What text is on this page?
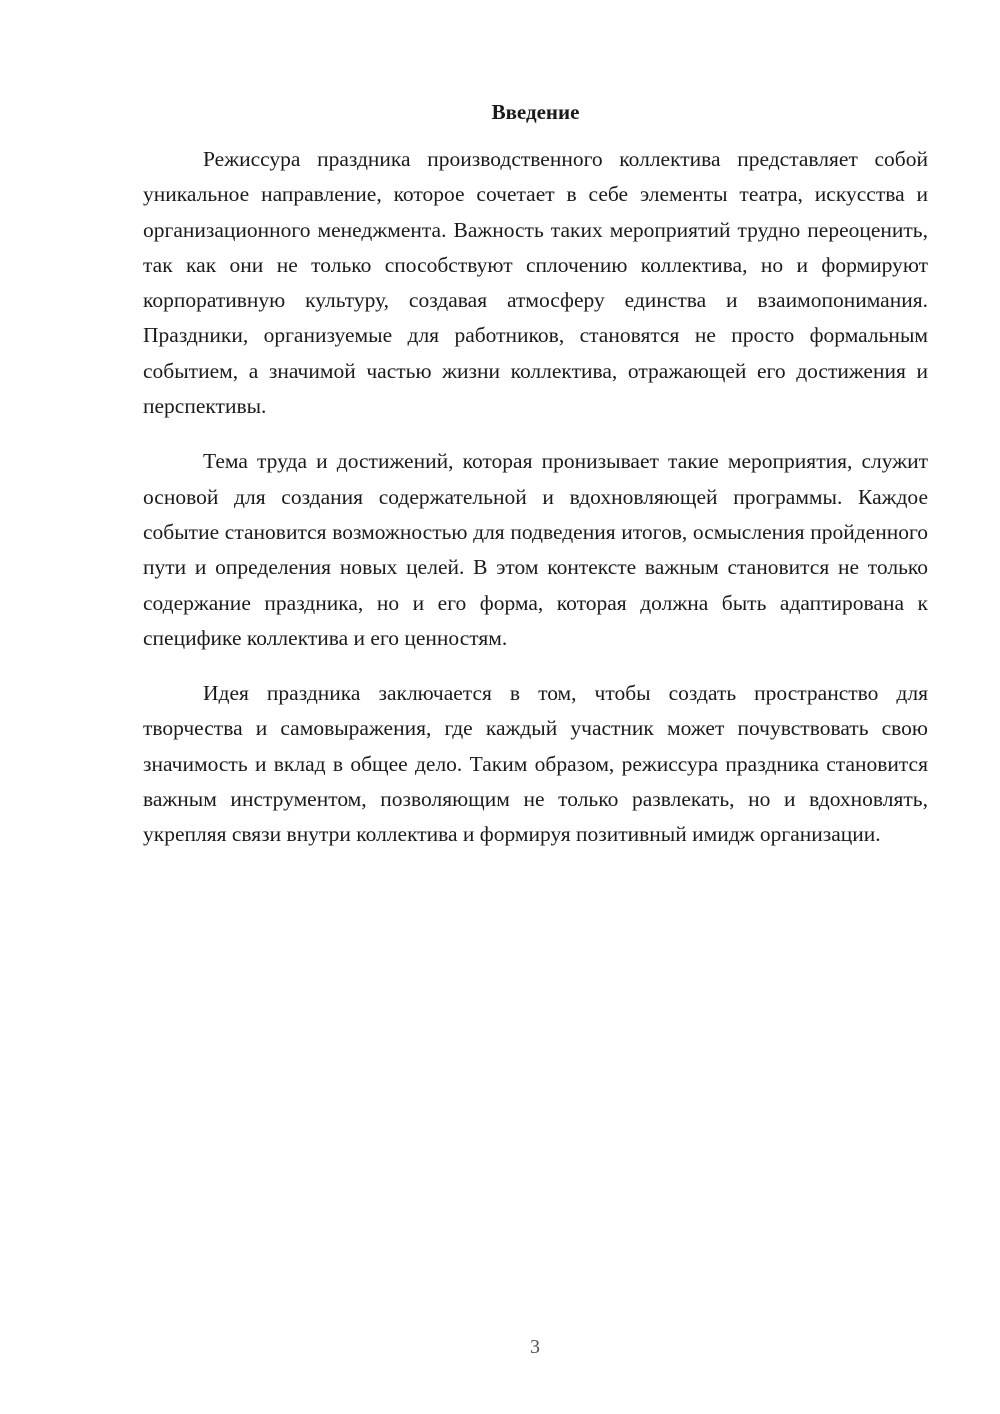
Введение

Режиссура праздника производственного коллектива представляет собой уникальное направление, которое сочетает в себе элементы театра, искусства и организационного менеджмента. Важность таких мероприятий трудно переоценить, так как они не только способствуют сплочению коллектива, но и формируют корпоративную культуру, создавая атмосферу единства и взаимопонимания. Праздники, организуемые для работников, становятся не просто формальным событием, а значимой частью жизни коллектива, отражающей его достижения и перспективы.

Тема труда и достижений, которая пронизывает такие мероприятия, служит основой для создания содержательной и вдохновляющей программы. Каждое событие становится возможностью для подведения итогов, осмысления пройденного пути и определения новых целей. В этом контексте важным становится не только содержание праздника, но и его форма, которая должна быть адаптирована к специфике коллектива и его ценностям.

Идея праздника заключается в том, чтобы создать пространство для творчества и самовыражения, где каждый участник может почувствовать свою значимость и вклад в общее дело. Таким образом, режиссура праздника становится важным инструментом, позволяющим не только развлекать, но и вдохновлять, укрепляя связи внутри коллектива и формируя позитивный имидж организации.

3
